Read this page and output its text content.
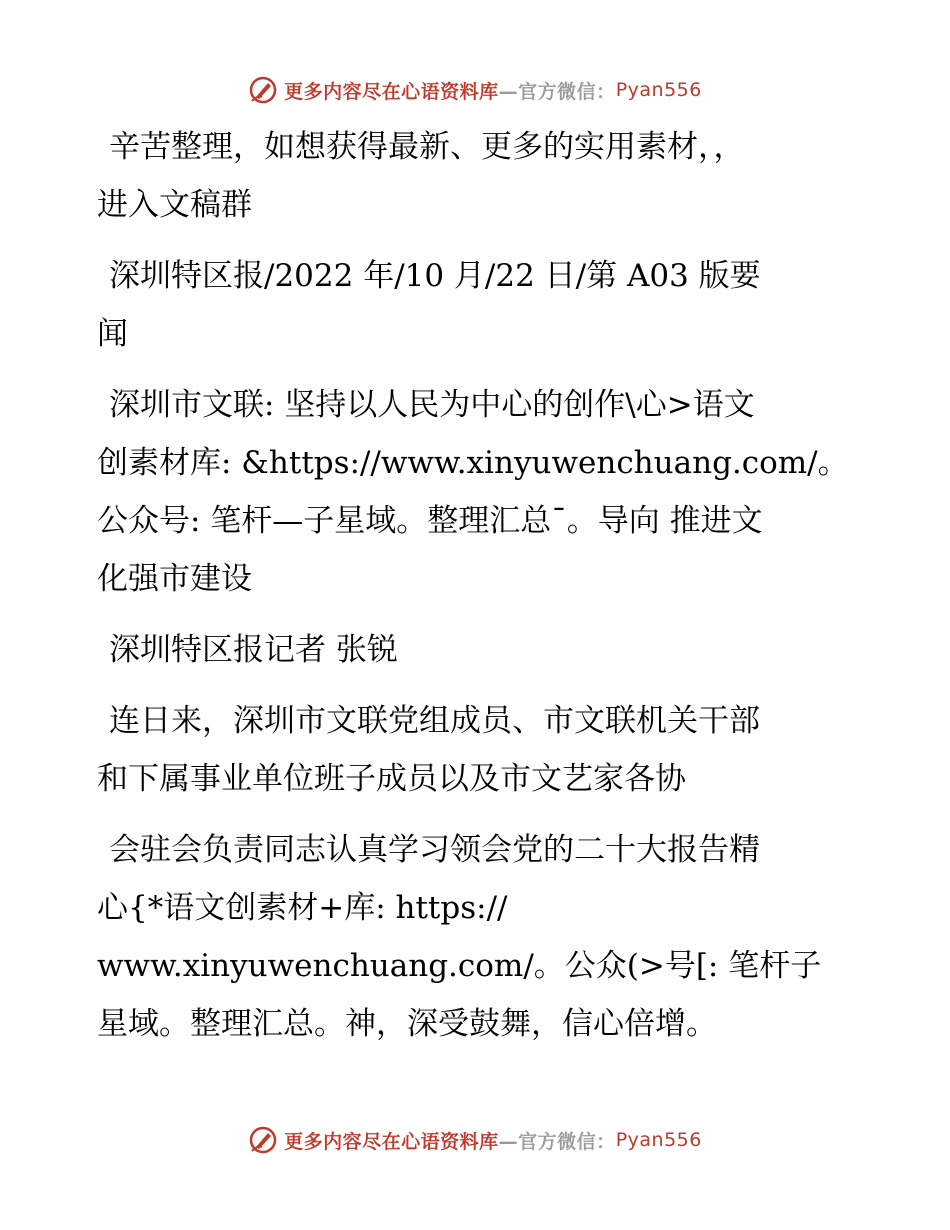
更多内容尽在心语资料库 —官方微信： Pyan556

辛苦整理，如想获得最新、更多的实用素材，，
进入文稿群

深圳特区报/2022 年/10 月/22 日/第 A03 版要
闻

深圳市文联: 坚持以人民为中心的创作\心>语文
创素材库: &https://www.xinyuwenchuang.com/。
公众号: 笔杆—子星域。整理汇总¯。导向 推进文
化强市建设

深圳特区报记者 张锐

连日来，深圳市文联党组成员、市文联机关干部
和下属事业单位班子成员以及市文艺家各协

会驻会负责同志认真学习领会党的二十大报告精
心{*语文创素材+库: https://
www.xinyuwenchuang.com/。公众(>号[: 笔杆子
星域。整理汇总。神，深受鼓舞，信心倍增。

更多内容尽在心语资料库 —官方微信： Pyan556
